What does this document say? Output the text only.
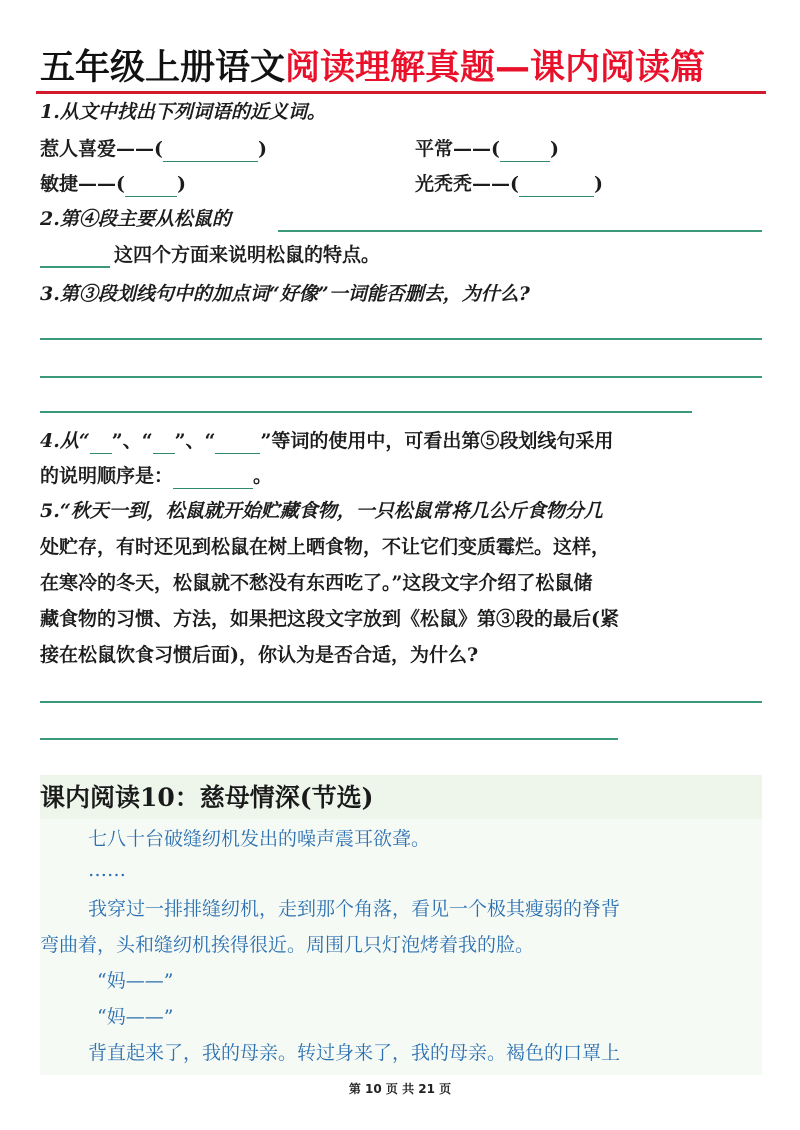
五年级上册语文阅读理解真题—课内阅读篇
1.从文中找出下列词语的近义词。
惹人喜爱——(	)	平常——(	)
敏捷——(	)	光秃秃——(	)
2.第④段主要从松鼠的
这四个方面来说明松鼠的特点。
3.第③段划线句中的加点词“好像”一词能否删去，为什么?
4.从“ ”、“ ”、“ ”等词的使用中，可看出第⑤段划线句采用
的说明顺序是：	。
5.“秋天一到，松鼠就开始贮藏食物，一只松鼠常将几公斤食物分几
处贮存，有时还见到松鼠在树上晒食物，不让它们变质霉烂。这样，
在寒冷的冬天，松鼠就不愁没有东西吃了。”这段文字介绍了松鼠储
藏食物的习惯、方法，如果把这段文字放到《松鼠》第③段的最后(紧
接在松鼠饮食习惯后面)，你认为是否合适，为什么?
课内阅读10：慈母情深(节选)
七八十台破缝纫机发出的噪声震耳欲聋。
……
我穿过一排排缝纫机，走到那个角落，看见一个极其瘦弱的脊背
弯曲着，头和缝纫机挨得很近。周围几只灯泡烤着我的脸。
“妈——”
“妈——”
背直起来了，我的母亲。转过身来了，我的母亲。褐色的口罩上
第 10 页 共 21 页
